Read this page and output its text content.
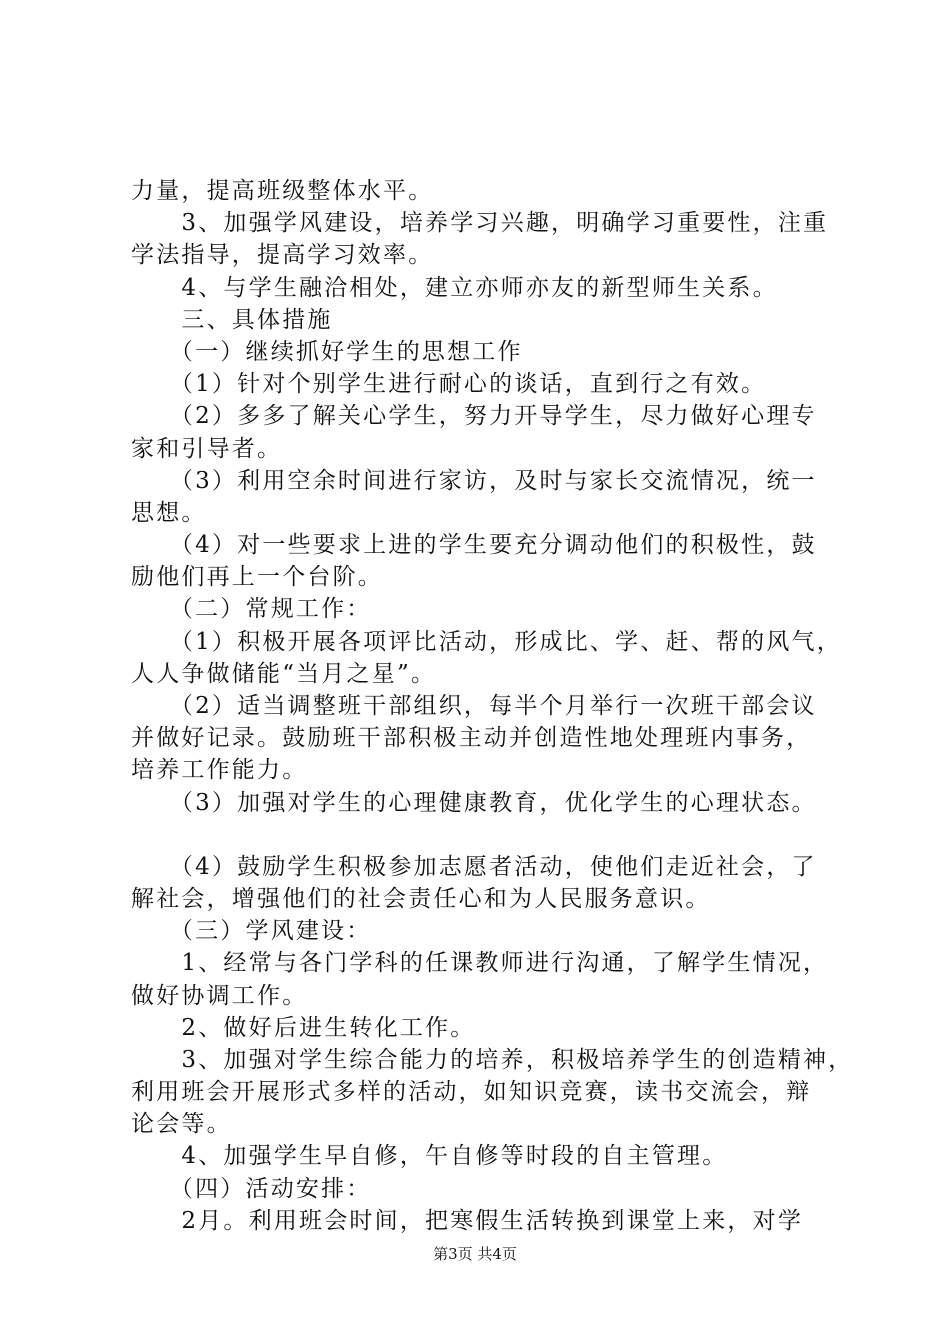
力量，提高班级整体水平。
　　3、加强学风建设，培养学习兴趣，明确学习重要性，注重
学法指导，提高学习效率。
　　4、与学生融洽相处，建立亦师亦友的新型师生关系。
　　三、具体措施
　　（一）继续抓好学生的思想工作
　　（1）针对个别学生进行耐心的谈话，直到行之有效。
　　（2）多多了解关心学生，努力开导学生，尽力做好心理专
家和引导者。
　　（3）利用空余时间进行家访，及时与家长交流情况，统一
思想。
　　（4）对一些要求上进的学生要充分调动他们的积极性，鼓
励他们再上一个台阶。
　　（二）常规工作：
　　（1）积极开展各项评比活动，形成比、学、赶、帮的风气，
人人争做储能“当月之星”。
　　（2）适当调整班干部组织，每半个月举行一次班干部会议
并做好记录。鼓励班干部积极主动并创造性地处理班内事务，
培养工作能力。
　　（3）加强对学生的心理健康教育，优化学生的心理状态。
　　（4）鼓励学生积极参加志愿者活动，使他们走近社会，了
解社会，增强他们的社会责任心和为人民服务意识。
　　（三）学风建设：
　　1、经常与各门学科的任课教师进行沟通，了解学生情况，
做好协调工作。
　　2、做好后进生转化工作。
　　3、加强对学生综合能力的培养，积极培养学生的创造精神，
利用班会开展形式多样的活动，如知识竞赛，读书交流会，辩
论会等。
　　4、加强学生早自修，午自修等时段的自主管理。
　　（四）活动安排：
　　2月。利用班会时间，把寒假生活转换到课堂上来，对学
第3页 共4页
